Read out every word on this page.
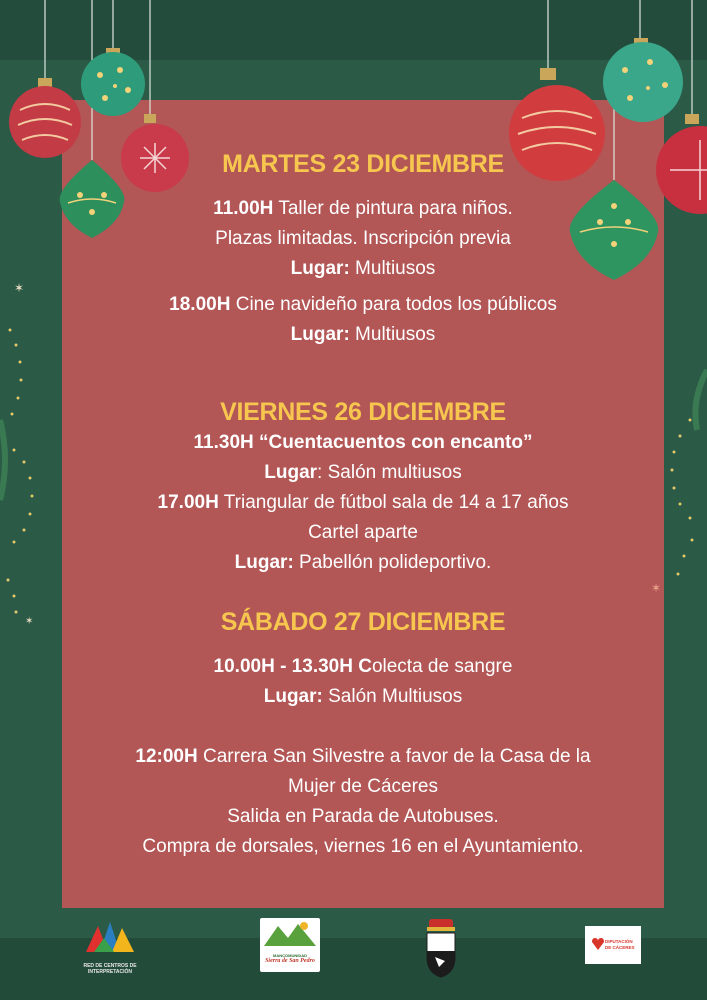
✶
✶
✶
MARTES 23 DICIEMBRE
11.00H Taller de pintura para niños.
Plazas limitadas. Inscripción previa
Lugar: Multiusos
18.00H Cine navideño para todos los públicos
Lugar: Multiusos
VIERNES 26 DICIEMBRE
11.30H “Cuentacuentos con encanto”
Lugar: Salón multiusos
17.00H Triangular de fútbol sala de 14 a 17 años
Cartel aparte
Lugar: Pabellón polideportivo.
SÁBADO 27 DICIEMBRE
10.00H - 13.30H Colecta de sangre
Lugar: Salón Multiusos
12:00H Carrera San Silvestre a favor de la Casa de la
Mujer de Cáceres
Salida en Parada de Autobuses.
Compra de dorsales, viernes 16 en el Ayuntamiento.
RED DE CENTROS DE INTERPRETACIÓN
MANCOMUNIDAD
Sierra de San Pedro
DIPUTACIÓN DE CÁCERES
